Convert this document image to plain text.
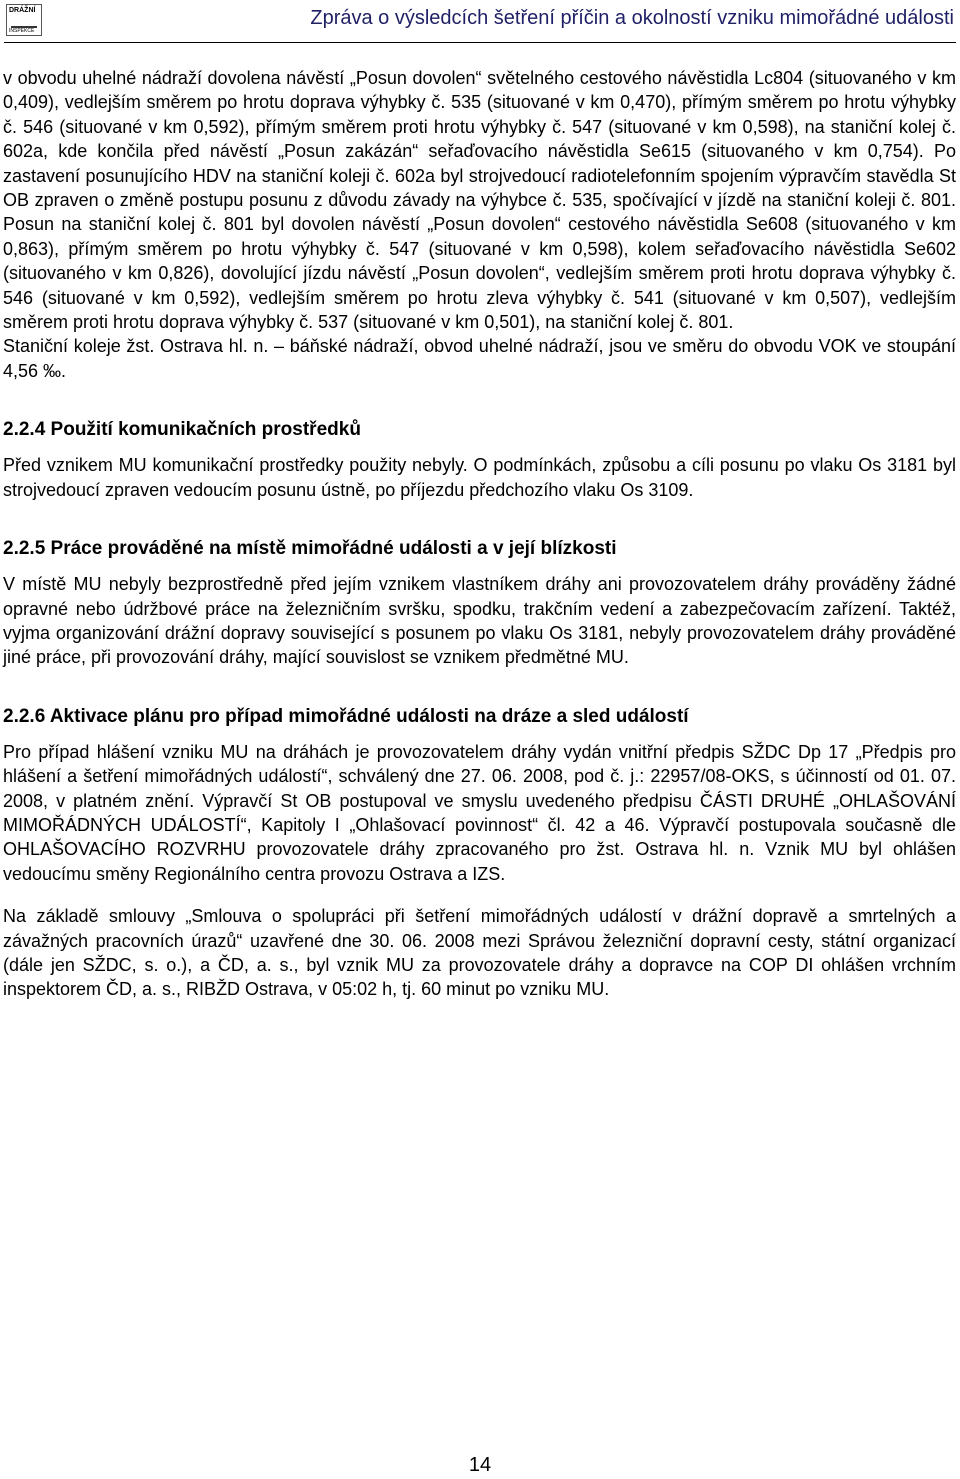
DRÁŽNÍ
INSPEKCE
Zpráva o výsledcích šetření příčin a okolností vzniku mimořádné události

v obvodu uhelné nádraží dovolena návěstí „Posun dovolen“ světelného cestového návěstidla Lc804 (situovaného v km 0,409), vedlejším směrem po hrotu doprava výhybky č. 535 (situované v km 0,470), přímým směrem po hrotu výhybky č. 546 (situované v km 0,592), přímým směrem proti hrotu výhybky č. 547 (situované v km 0,598), na staniční kolej č. 602a, kde končila před návěstí „Posun zakázán“ seřaďovacího návěstidla Se615 (situovaného v km 0,754). Po zastavení posunujícího HDV na staniční koleji č. 602a byl strojvedoucí radiotelefonním spojením výpravčím stavědla St OB zpraven o změně postupu posunu z důvodu závady na výhybce č. 535, spočívající v jízdě na staniční koleji č. 801. Posun na staniční kolej č. 801 byl dovolen návěstí „Posun dovolen“ cestového návěstidla Se608 (situovaného v km 0,863), přímým směrem po hrotu výhybky č. 547 (situované v km 0,598), kolem seřaďovacího návěstidla Se602 (situovaného v km 0,826), dovolující jízdu návěstí „Posun dovolen“, vedlejším směrem proti hrotu doprava výhybky č. 546 (situované v km 0,592), vedlejším směrem po hrotu zleva výhybky č. 541 (situované v km 0,507), vedlejším směrem proti hrotu doprava výhybky č. 537 (situované v km 0,501), na staniční kolej č. 801.

Staniční koleje žst. Ostrava hl. n. – báňské nádraží, obvod uhelné nádraží, jsou ve směru do obvodu VOK ve stoupání 4,56 ‰.

2.2.4 Použití komunikačních prostředků

Před vznikem MU komunikační prostředky použity nebyly. O podmínkách, způsobu a cíli posunu po vlaku Os 3181 byl strojvedoucí zpraven vedoucím posunu ústně, po příjezdu předchozího vlaku Os 3109.

2.2.5 Práce prováděné na místě mimořádné události a v její blízkosti

V místě MU nebyly bezprostředně před jejím vznikem vlastníkem dráhy ani provozovatelem dráhy prováděny žádné opravné nebo údržbové práce na železničním svršku, spodku, trakčním vedení a zabezpečovacím zařízení. Taktéž, vyjma organizování drážní dopravy související s posunem po vlaku Os 3181, nebyly provozovatelem dráhy prováděné jiné práce, při provozování dráhy, mající souvislost se vznikem předmětné MU.

2.2.6 Aktivace plánu pro případ mimořádné události na dráze a sled událostí

Pro případ hlášení vzniku MU na dráhách je provozovatelem dráhy vydán vnitřní předpis SŽDC Dp 17 „Předpis pro hlášení a šetření mimořádných událostí“, schválený dne 27. 06. 2008, pod č. j.: 22957/08-OKS, s účinností od 01. 07. 2008, v platném znění. Výpravčí St OB postupoval ve smyslu uvedeného předpisu ČÁSTI DRUHÉ „OHLAŠOVÁNÍ MIMOŘÁDNÝCH UDÁLOSTÍ“, Kapitoly I „Ohlašovací povinnost“ čl. 42 a 46. Výpravčí postupovala současně dle OHLAŠOVACÍHO ROZVRHU provozovatele dráhy zpracovaného pro žst. Ostrava hl. n. Vznik MU byl ohlášen vedoucímu směny Regionálního centra provozu Ostrava a IZS.

Na základě smlouvy „Smlouva o spolupráci při šetření mimořádných událostí v drážní dopravě a smrtelných a závažných pracovních úrazů“ uzavřené dne 30. 06. 2008 mezi Správou železniční dopravní cesty, státní organizací (dále jen SŽDC, s. o.), a ČD, a. s., byl vznik MU za provozovatele dráhy a dopravce na COP DI ohlášen vrchním inspektorem ČD, a. s., RIBŽD Ostrava, v 05:02 h, tj. 60 minut po vzniku MU.

14
